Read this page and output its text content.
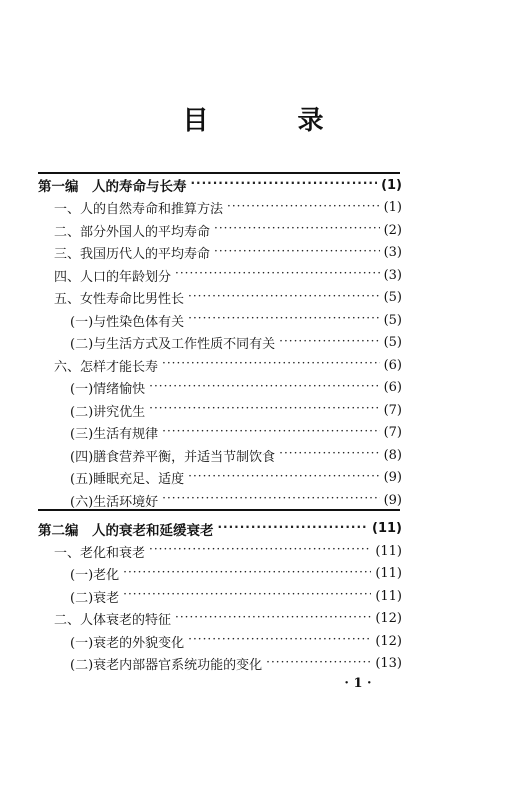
目 录
第一编　人的寿命与长寿 ·····	(1)
一、人的自然寿命和推算方法 ·····	(1)
二、部分外国人的平均寿命 ·····	(2)
三、我国历代人的平均寿命 ·····	(3)
四、人口的年龄划分 ·····	(3)
五、女性寿命比男性长 ·····	(5)
(一)与性染色体有关 ·····	(5)
(二)与生活方式及工作性质不同有关 ·····	(5)
六、怎样才能长寿 ·····	(6)
(一)情绪愉快 ·····	(6)
(二)讲究优生 ·····	(7)
(三)生活有规律 ·····	(7)
(四)膳食营养平衡，并适当节制饮食 ·····	(8)
(五)睡眠充足、适度 ·····	(9)
(六)生活环境好 ·····	(9)
第二编　人的衰老和延缓衰老 ·····	(11)
一、老化和衰老 ·····	(11)
(一)老化 ·····	(11)
(二)衰老 ·····	(11)
二、人体衰老的特征 ·····	(12)
(一)衰老的外貌变化 ·····	(12)
(二)衰老内部器官系统功能的变化 ·····	(13)
· 1 ·
